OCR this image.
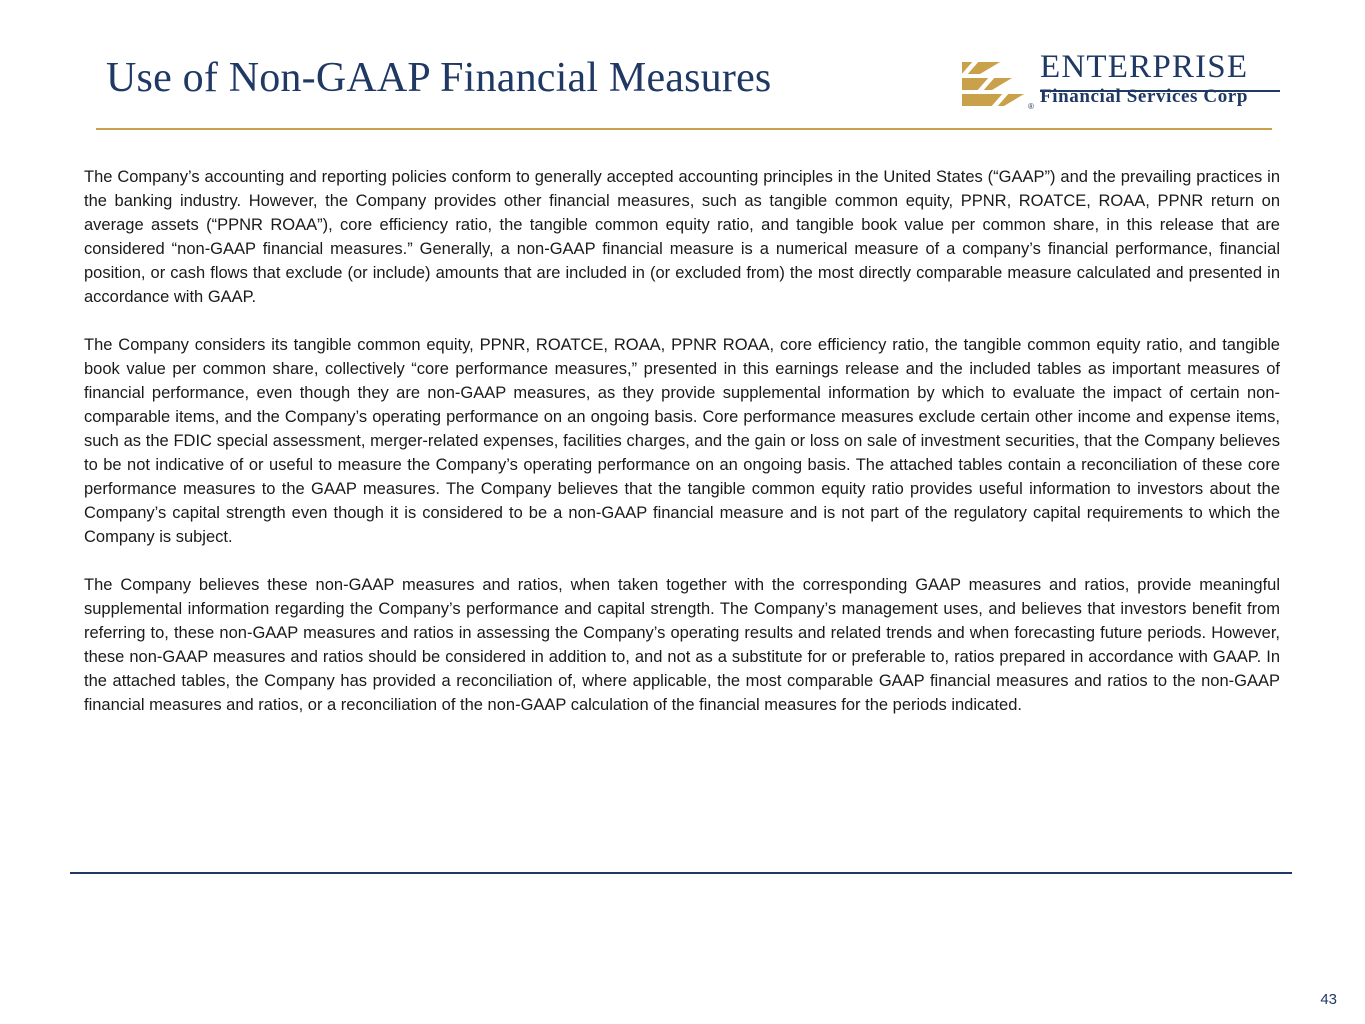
Use of Non-GAAP Financial Measures
®
ENTERPRISE
Financial Services Corp

The Company’s accounting and reporting policies conform to generally accepted accounting principles in the United States (“GAAP”) and the prevailing practices in the banking industry. However, the Company provides other financial measures, such as tangible common equity, PPNR, ROATCE, ROAA, PPNR return on average assets (“PPNR ROAA”), core efficiency ratio, the tangible common equity ratio, and tangible book value per common share, in this release that are considered “non-GAAP financial measures.” Generally, a non-GAAP financial measure is a numerical measure of a company’s financial performance, financial position, or cash flows that exclude (or include) amounts that are included in (or excluded from) the most directly comparable measure calculated and presented in accordance with GAAP.

The Company considers its tangible common equity, PPNR, ROATCE, ROAA, PPNR ROAA, core efficiency ratio, the tangible common equity ratio, and tangible book value per common share, collectively “core performance measures,” presented in this earnings release and the included tables as important measures of financial performance, even though they are non-GAAP measures, as they provide supplemental information by which to evaluate the impact of certain non-comparable items, and the Company’s operating performance on an ongoing basis. Core performance measures exclude certain other income and expense items, such as the FDIC special assessment, merger-related expenses, facilities charges, and the gain or loss on sale of investment securities, that the Company believes to be not indicative of or useful to measure the Company’s operating performance on an ongoing basis. The attached tables contain a reconciliation of these core performance measures to the GAAP measures. The Company believes that the tangible common equity ratio provides useful information to investors about the Company’s capital strength even though it is considered to be a non-GAAP financial measure and is not part of the regulatory capital requirements to which the Company is subject.

The Company believes these non-GAAP measures and ratios, when taken together with the corresponding GAAP measures and ratios, provide meaningful supplemental information regarding the Company’s performance and capital strength. The Company’s management uses, and believes that investors benefit from referring to, these non-GAAP measures and ratios in assessing the Company’s operating results and related trends and when forecasting future periods. However, these non-GAAP measures and ratios should be considered in addition to, and not as a substitute for or preferable to, ratios prepared in accordance with GAAP. In the attached tables, the Company has provided a reconciliation of, where applicable, the most comparable GAAP financial measures and ratios to the non-GAAP financial measures and ratios, or a reconciliation of the non-GAAP calculation of the financial measures for the periods indicated.

43
